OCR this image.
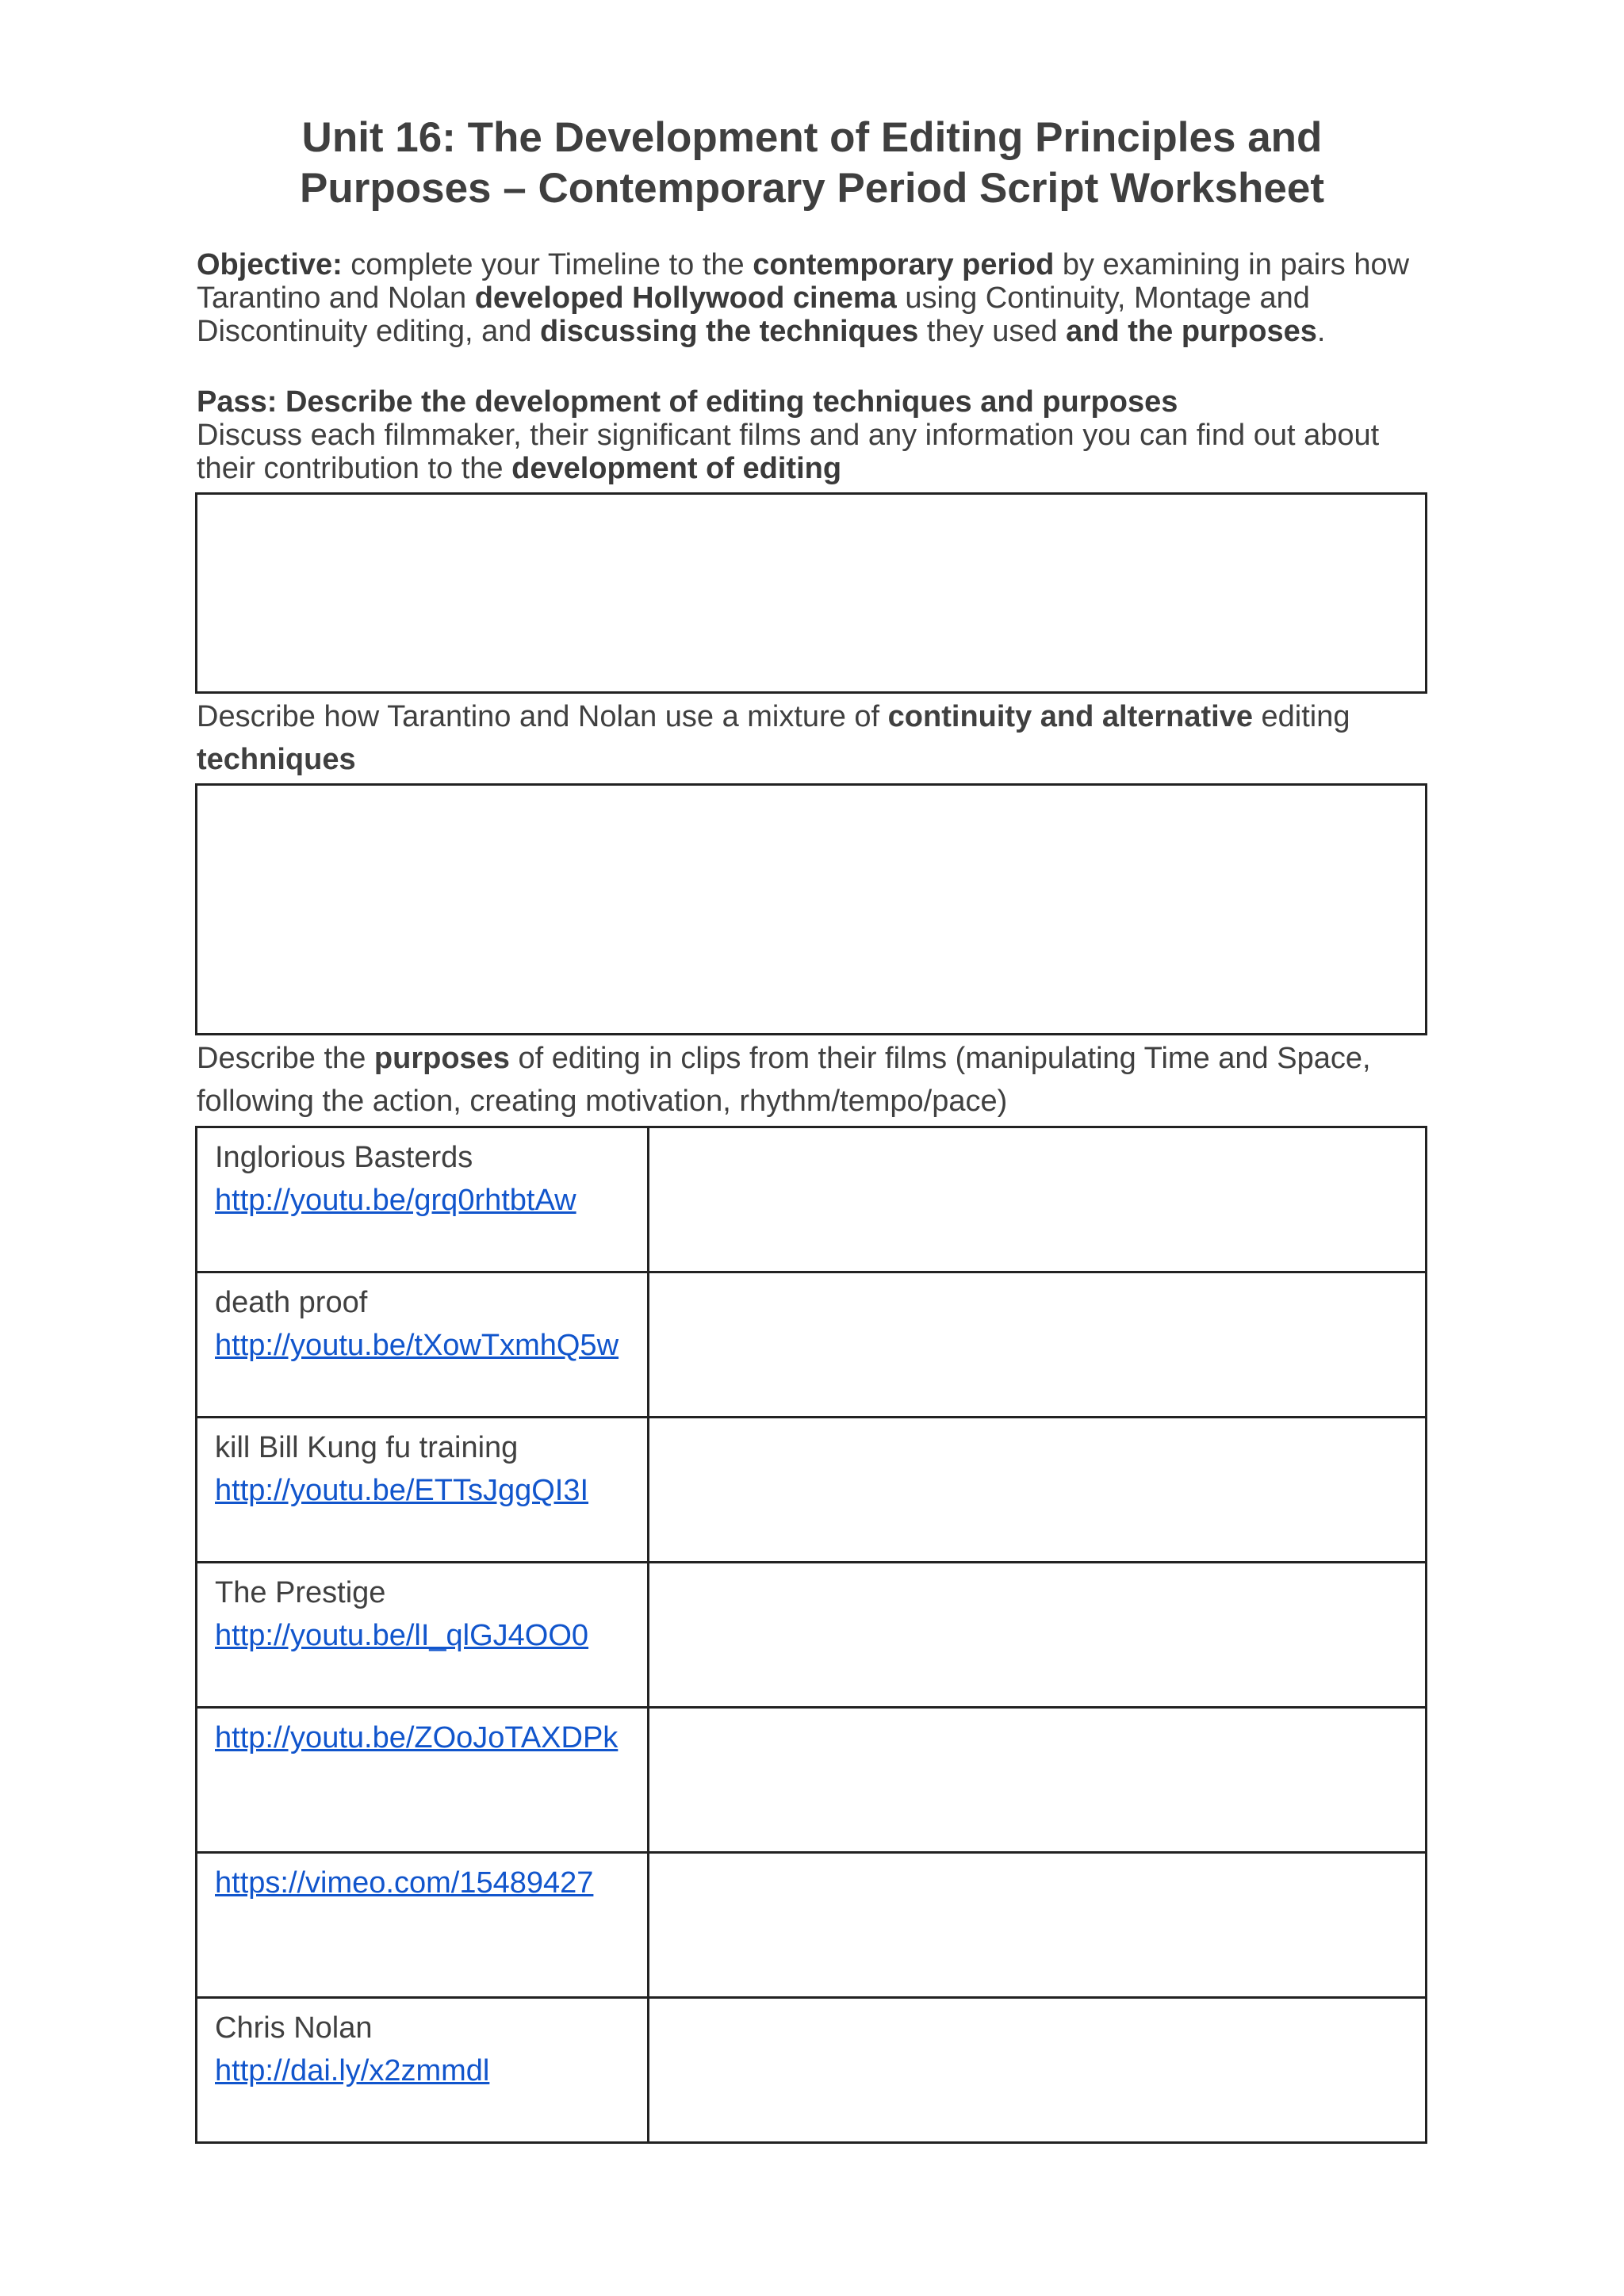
Unit 16: The Development of Editing Principles and
Purposes – Contemporary Period Script Worksheet
Objective: complete your Timeline to the contemporary period by examining in pairs how Tarantino and Nolan developed Hollywood cinema using Continuity, Montage and Discontinuity editing, and discussing the techniques they used and the purposes.
Pass: Describe the development of editing techniques and purposes
Discuss each filmmaker, their significant films and any information you can find out about their contribution to the development of editing
Describe how Tarantino and Nolan use a mixture of continuity and alternative editing techniques
Describe the purposes of editing in clips from their films (manipulating Time and Space, following the action, creating motivation, rhythm/tempo/pace)
Inglorious Basterds
http://youtu.be/grq0rhtbtAw	

death proof
http://youtu.be/tXowTxmhQ5w	

kill Bill Kung fu training
http://youtu.be/ETTsJggQI3I	

The Prestige
http://youtu.be/lI_qlGJ4OO0	

http://youtu.be/ZOoJoTAXDPk	

https://vimeo.com/15489427	

Chris Nolan
http://dai.ly/x2zmmdl	
